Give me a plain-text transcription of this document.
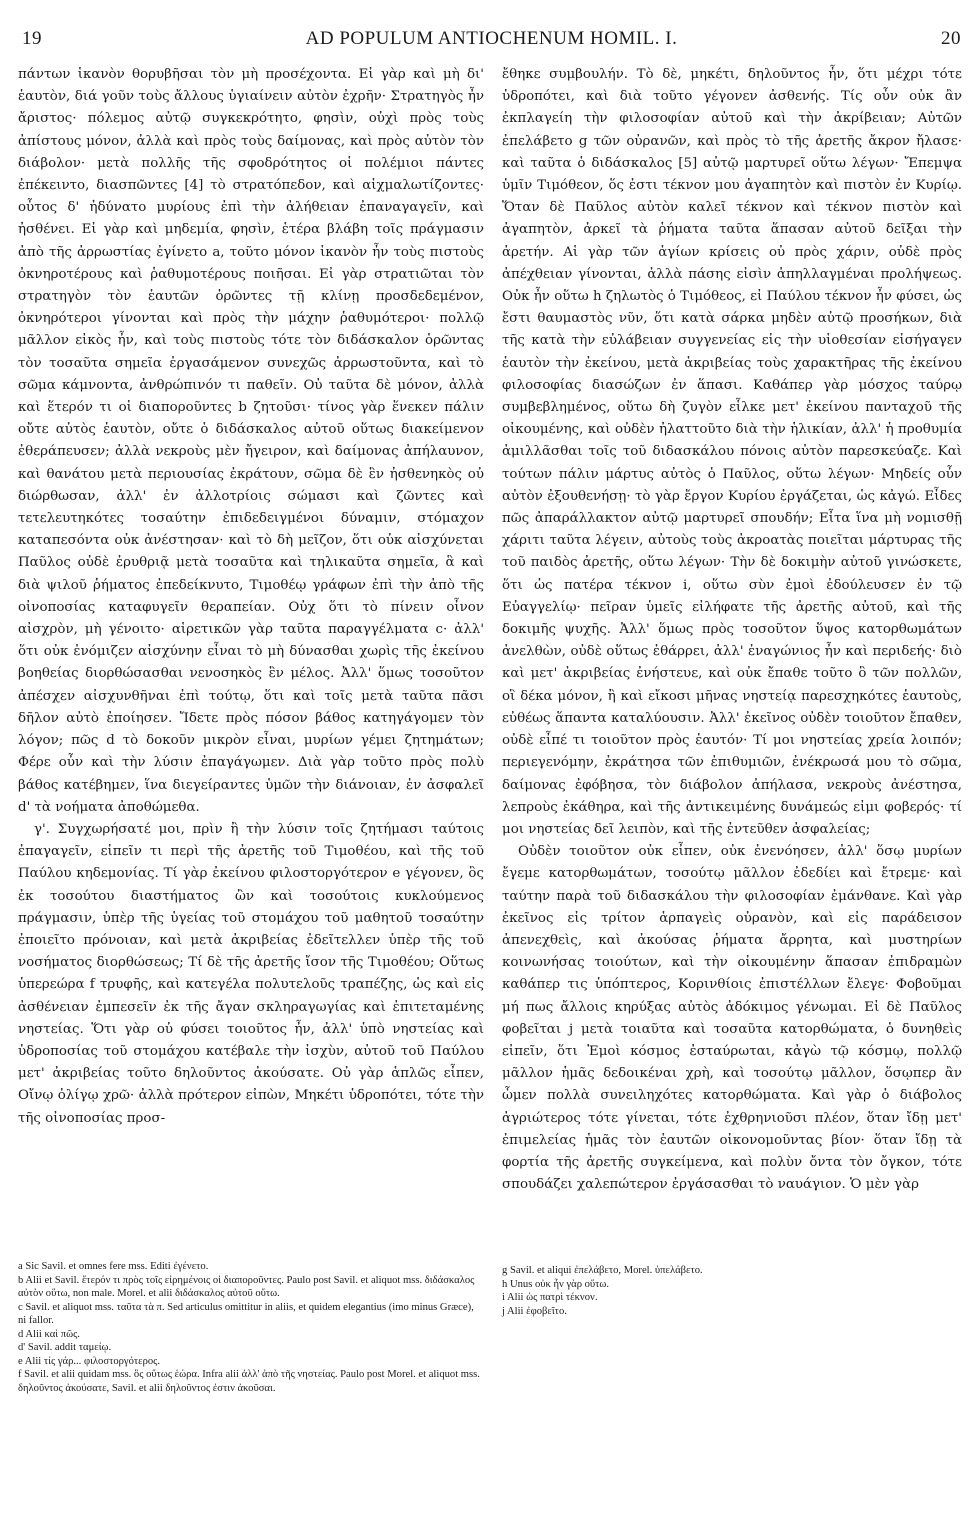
19	AD POPULUM ANTIOCHENUM HOMIL. I.	20

πάντων ἱκανὸν θορυβῆσαι τὸν μὴ προσέχοντα. Εἰ γὰρ καὶ μὴ δι' ἑαυτὸν, διά γοῦν τοὺς ἄλλους ὑγιαίνειν αὐτὸν ἐχρῆν· Στρατηγὸς ἦν ἄριστος· πόλεμος αὐτῷ συγκεκρότητο, φησὶν, οὐχὶ πρὸς τοὺς ἀπίστους μόνον, ἀλλὰ καὶ πρὸς τοὺς δαίμονας, καὶ πρὸς αὐτὸν τὸν διάβολον· μετὰ πολλῆς τῆς σφοδρότητος οἱ πολέμιοι πάντες ἐπέκειντο, διασπῶντες [4] τὸ στρατόπεδον, καὶ αἰχμαλωτίζοντες· οὗτος δ' ἠδύνατο μυρίους ἐπὶ τὴν ἀλήθειαν ἐπαναγαγεῖν, καὶ ἠσθένει. Εἰ γὰρ καὶ μηδεμία, φησὶν, ἑτέρα βλάβη τοῖς πράγμασιν ἀπὸ τῆς ἀρρωστίας ἐγίνετο a, τοῦτο μόνον ἱκανὸν ἦν τοὺς πιστοὺς ὀκνηροτέρους καὶ ῥαθυμοτέρους ποιῆσαι. Εἰ γὰρ στρατιῶται τὸν στρατηγὸν τὸν ἑαυτῶν ὁρῶντες τῇ κλίνῃ προσδεδεμένον, ὀκνηρότεροι γίνονται καὶ πρὸς τὴν μάχην ῥαθυμότεροι· πολλῷ μᾶλλον εἰκὸς ἦν, καὶ τοὺς πιστοὺς τότε τὸν διδάσκαλον ὁρῶντας τὸν τοσαῦτα σημεῖα ἐργασάμενον συνεχῶς ἀρρωστοῦντα, καὶ τὸ σῶμα κάμνοντα, ἀνθρώπινόν τι παθεῖν. Οὐ ταῦτα δὲ μόνον, ἀλλὰ καὶ ἕτερόν τι οἱ διαποροῦντες b ζητοῦσι· τίνος γὰρ ἕνεκεν πάλιν οὔτε αὐτὸς ἑαυτὸν, οὔτε ὁ διδάσκαλος αὐτοῦ οὕτως διακείμενον ἐθεράπευσεν; ἀλλὰ νεκροὺς μὲν ἤγειρον, καὶ δαίμονας ἀπήλαυνον, καὶ θανάτου μετὰ περιουσίας ἐκράτουν, σῶμα δὲ ἓν ἠσθενηκὸς οὐ διώρθωσαν, ἀλλ' ἐν ἀλλοτρίοις σώμασι καὶ ζῶντες καὶ τετελευτηκότες τοσαύτην ἐπιδεδειγμένοι δύναμιν, στόμαχον καταπεσόντα οὐκ ἀνέστησαν· καὶ τὸ δὴ μεῖζον, ὅτι οὐκ αἰσχύνεται Παῦλος οὐδὲ ἐρυθριᾷ μετὰ τοσαῦτα καὶ τηλικαῦτα σημεῖα, ἃ καὶ διὰ ψιλοῦ ῥήματος ἐπεδείκνυτο, Τιμοθέῳ γράφων ἐπὶ τὴν ἀπὸ τῆς οἰνοποσίας καταφυγεῖν θεραπείαν. Οὐχ ὅτι τὸ πίνειν οἶνον αἰσχρὸν, μὴ γένοιτο· αἱρετικῶν γὰρ ταῦτα παραγγέλματα c· ἀλλ' ὅτι οὐκ ἐνόμιζεν αἰσχύνην εἶναι τὸ μὴ δύνασθαι χωρὶς τῆς ἐκείνου βοηθείας διορθώσασθαι νενοσηκὸς ἓν μέλος. Ἀλλ' ὅμως τοσοῦτον ἀπέσχεν αἰσχυνθῆναι ἐπὶ τούτῳ, ὅτι καὶ τοῖς μετὰ ταῦτα πᾶσι δῆλον αὐτὸ ἐποίησεν. Ἴδετε πρὸς πόσον βάθος κατηγάγομεν τὸν λόγον; πῶς d τὸ δοκοῦν μικρὸν εἶναι, μυρίων γέμει ζητημάτων; Φέρε οὖν καὶ τὴν λύσιν ἐπαγάγωμεν. Διὰ γὰρ τοῦτο πρὸς πολὺ βάθος κατέβημεν, ἵνα διεγείραντες ὑμῶν τὴν διάνοιαν, ἐν ἀσφαλεῖ d' τὰ νοήματα ἀποθώμεθα.

γ'. Συγχωρήσατέ μοι, πρὶν ἢ τὴν λύσιν τοῖς ζητήμασι ταύτοις ἐπαγαγεῖν, εἰπεῖν τι περὶ τῆς ἀρετῆς τοῦ Τιμοθέου, καὶ τῆς τοῦ Παύλου κηδεμονίας. Τί γὰρ ἐκείνου φιλοστοργότερον e γέγονεν, ὃς ἐκ τοσούτου διαστήματος ὢν καὶ τοσούτοις κυκλούμενος πράγμασιν, ὑπὲρ τῆς ὑγείας τοῦ στομάχου τοῦ μαθητοῦ τοσαύτην ἐποιεῖτο πρόνοιαν, καὶ μετὰ ἀκριβείας ἐδεῖτελλεν ὑπὲρ τῆς τοῦ νοσήματος διορθώσεως; Τί δὲ τῆς ἀρετῆς ἴσον τῆς Τιμοθέου; Οὕτως ὑπερεώρα f τρυφῆς, καὶ κατεγέλα πολυτελοῦς τραπέζης, ὡς καὶ εἰς ἀσθένειαν ἐμπεσεῖν ἐκ τῆς ἄγαν σκληραγωγίας καὶ ἐπιτεταμένης νηστείας. Ὅτι γὰρ οὐ φύσει τοιοῦτος ἦν, ἀλλ' ὑπὸ νηστείας καὶ ὑδροποσίας τοῦ στομάχου κατέβαλε τὴν ἰσχὺν, αὐτοῦ τοῦ Παύλου μετ' ἀκριβείας τοῦτο δηλοῦντος ἀκούσατε. Οὐ γὰρ ἁπλῶς εἶπεν, Οἴνῳ ὀλίγῳ χρῶ· ἀλλὰ πρότερον εἰπὼν, Μηκέτι ὑδροπότει, τότε τὴν τῆς οἰνοποσίας προσ-

a Sic Savil. et omnes fere mss. Editi ἐγένετο.

b Alii et Savil. ἕτερόν τι πρὸς τοῖς εἰρημένοις οἱ διαποροῦντες. Paulo post Savil. et aliquot mss. διδάσκαλος αὐτὸν οὕτω, non male. Morel. et alii διδάσκαλος αὐτοῦ οὕτω.

c Savil. et aliquot mss. ταῦτα τὰ π. Sed articulus omittitur in aliis, et quidem elegantius (imo minus Græce), ni fallor.

d Alii καὶ πῶς.

d' Savil. addit ταμείῳ.

e Alii τίς γάρ... φιλοστοργότερος.

f Savil. et alii quidam mss. ὃς οὕτως ἑώρα. Infra alii ἀλλ' ἀπὸ τῆς νηστείας. Paulo post Morel. et aliquot mss. δηλοῦντος ἀκούσατε, Savil. et alii δηλοῦντος ἐστιν ἀκοῦσαι.

ἔθηκε συμβουλήν. Τὸ δὲ, μηκέτι, δηλοῦντος ἦν, ὅτι μέχρι τότε ὑδροπότει, καὶ διὰ τοῦτο γέγονεν ἀσθενής. Τίς οὖν οὐκ ἂν ἐκπλαγείη τὴν φιλοσοφίαν αὐτοῦ καὶ τὴν ἀκρίβειαν; Αὐτῶν ἐπελάβετο g τῶν οὐρανῶν, καὶ πρὸς τὸ τῆς ἀρετῆς ἄκρον ἤλασε· καὶ ταῦτα ὁ διδάσκαλος [5] αὐτῷ μαρτυρεῖ οὕτω λέγων· Ἔπεμψα ὑμῖν Τιμόθεον, ὅς ἐστι τέκνον μου ἀγαπητὸν καὶ πιστὸν ἐν Κυρίῳ. Ὅταν δὲ Παῦλος αὐτὸν καλεῖ τέκνον καὶ τέκνον πιστὸν καὶ ἀγαπητὸν, ἀρκεῖ τὰ ῥήματα ταῦτα ἅπασαν αὐτοῦ δεῖξαι τὴν ἀρετήν. Αἱ γὰρ τῶν ἁγίων κρίσεις οὐ πρὸς χάριν, οὐδὲ πρὸς ἀπέχθειαν γίνονται, ἀλλὰ πάσης εἰσὶν ἀπηλλαγμέναι προλήψεως. Οὐκ ἦν οὕτω h ζηλωτὸς ὁ Τιμόθεος, εἰ Παύλου τέκνον ἦν φύσει, ὡς ἔστι θαυμαστὸς νῦν, ὅτι κατὰ σάρκα μηδὲν αὐτῷ προσήκων, διὰ τῆς κατὰ τὴν εὐλάβειαν συγγενείας εἰς τὴν υἱοθεσίαν εἰσήγαγεν ἑαυτὸν τὴν ἐκείνου, μετὰ ἀκριβείας τοὺς χαρακτῆρας τῆς ἐκείνου φιλοσοφίας διασώζων ἐν ἅπασι. Καθάπερ γὰρ μόσχος ταύρῳ συμβεβλημένος, οὕτω δὴ ζυγὸν εἷλκε μετ' ἐκείνου πανταχοῦ τῆς οἰκουμένης, καὶ οὐδὲν ἠλαττοῦτο διὰ τὴν ἡλικίαν, ἀλλ' ἡ προθυμία ἀμιλλᾶσθαι τοῖς τοῦ διδασκάλου πόνοις αὐτὸν παρεσκεύαζε. Καὶ τούτων πάλιν μάρτυς αὐτὸς ὁ Παῦλος, οὕτω λέγων· Μηδείς οὖν αὐτὸν ἐξουθενήσῃ· τὸ γὰρ ἔργον Κυρίου ἐργάζεται, ὡς κἀγώ. Εἶδες πῶς ἀπαράλλακτον αὐτῷ μαρτυρεῖ σπουδήν; Εἶτα ἵνα μὴ νομισθῇ χάριτι ταῦτα λέγειν, αὐτοὺς τοὺς ἀκροατὰς ποιεῖται μάρτυρας τῆς τοῦ παιδὸς ἀρετῆς, οὕτω λέγων· Τὴν δὲ δοκιμὴν αὐτοῦ γινώσκετε, ὅτι ὡς πατέρα τέκνον i, οὕτω σὺν ἐμοὶ ἐδούλευσεν ἐν τῷ Εὐαγγελίῳ· πεῖραν ὑμεῖς εἰλήφατε τῆς ἀρετῆς αὐτοῦ, καὶ τῆς δοκιμῆς ψυχῆς. Ἀλλ' ὅμως πρὸς τοσοῦτον ὕψος κατορθωμάτων ἀνελθὼν, οὐδὲ οὕτως ἐθάρρει, ἀλλ' ἐναγώνιος ἦν καὶ περιδεής· διὸ καὶ μετ' ἀκριβείας ἐνήστευε, καὶ οὐκ ἔπαθε τοῦτο ὃ τῶν πολλῶν, οἳ δέκα μόνον, ἢ καὶ εἴκοσι μῆνας νηστείᾳ παρεσχηκότες ἑαυτοὺς, εὐθέως ἅπαντα καταλύουσιν. Ἀλλ' ἐκεῖνος οὐδὲν τοιοῦτον ἔπαθεν, οὐδὲ εἶπέ τι τοιοῦτον πρὸς ἑαυτόν· Τί μοι νηστείας χρεία λοιπόν; περιεγενόμην, ἐκράτησα τῶν ἐπιθυμιῶν, ἐνέκρωσά μου τὸ σῶμα, δαίμονας ἐφόβησα, τὸν διάβολον ἀπήλασα, νεκροὺς ἀνέστησα, λεπροὺς ἐκάθηρα, καὶ τῆς ἀντικειμένης δυνάμεώς εἰμι φοβερός· τί μοι νηστείας δεῖ λειπὸν, καὶ τῆς ἐντεῦθεν ἀσφαλείας;

Οὐδὲν τοιοῦτον οὐκ εἶπεν, οὐκ ἐνενόησεν, ἀλλ' ὅσῳ μυρίων ἔγεμε κατορθωμάτων, τοσούτῳ μᾶλλον ἐδεδίει καὶ ἔτρεμε· καὶ ταύτην παρὰ τοῦ διδασκάλου τὴν φιλοσοφίαν ἐμάνθανε. Καὶ γὰρ ἐκεῖνος εἰς τρίτον ἁρπαγεὶς οὐρανὸν, καὶ εἰς παράδεισον ἀπενεχθεὶς, καὶ ἀκούσας ῥήματα ἄρρητα, καὶ μυστηρίων κοινωνήσας τοιούτων, καὶ τὴν οἰκουμένην ἅπασαν ἐπιδραμὼν καθάπερ τις ὑπόπτερος, Κορινθίοις ἐπιστέλλων ἔλεγε· Φοβοῦμαι μή πως ἄλλοις κηρύξας αὐτὸς ἀδόκιμος γένωμαι. Εἰ δὲ Παῦλος φοβεῖται j μετὰ τοιαῦτα καὶ τοσαῦτα κατορθώματα, ὁ δυνηθεὶς εἰπεῖν, ὅτι Ἐμοὶ κόσμος ἐσταύρωται, κἀγὼ τῷ κόσμῳ, πολλῷ μᾶλλον ἡμᾶς δεδοικέναι χρὴ, καὶ τοσούτῳ μᾶλλον, ὅσῳπερ ἂν ὦμεν πολλὰ συνειληχότες κατορθώματα. Καὶ γὰρ ὁ διάβολος ἀγριώτερος τότε γίνεται, τότε ἐχθρηνιοῦσι πλέον, ὅταν ἴδῃ μετ' ἐπιμελείας ἡμᾶς τὸν ἑαυτῶν οἰκονομοῦντας βίον· ὅταν ἴδῃ τὰ φορτία τῆς ἀρετῆς συγκείμενα, καὶ πολὺν ὄντα τὸν ὄγκον, τότε σπουδάζει χαλεπώτερον ἐργάσασθαι τὸ ναυάγιον. Ὁ μὲν γὰρ

g Savil. et aliqui ἐπελάβετο, Morel. ὑπελάβετο.

h Unus οὐκ ἦν γὰρ οὕτω.

i Alii ὡς πατρὶ τέκνον.

j Alii ἐφοβεῖτο.
